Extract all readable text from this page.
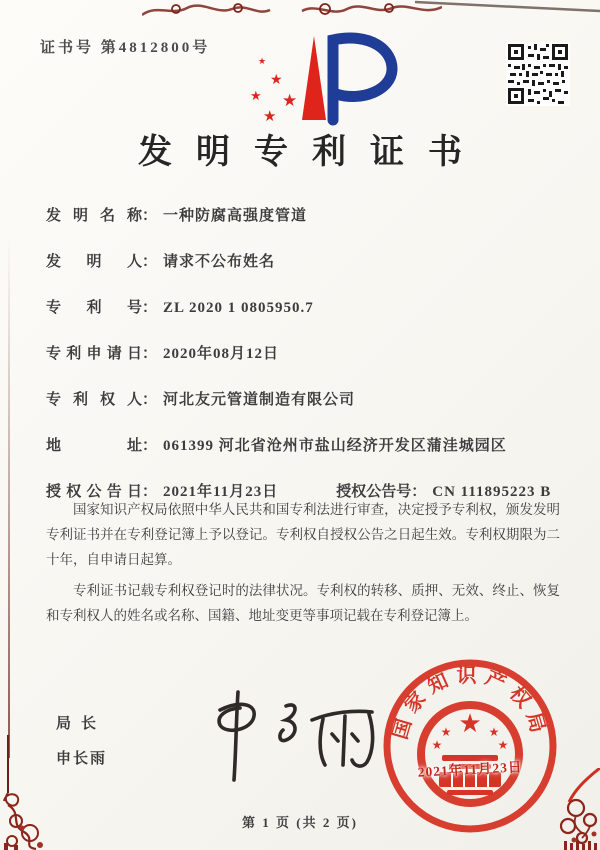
证书号 第4812800号
★
★
★ ★
★
发明专利证书
发明名称： 一种防腐高强度管道
发明人： 请求不公布姓名
专利号： ZL 2020 1 0805950.7
专利申请日： 2020年08月12日
专利权人： 河北友元管道制造有限公司
地址： 061399 河北省沧州市盐山经济开发区蒲洼城园区
授权公告日： 2021年11月23日	授权公告号： CN 111895223 B

国家知识产权局依照中华人民共和国专利法进行审查，决定授予专利权，颁发发明专利证书并在专利登记簿上予以登记。专利权自授权公告之日起生效。专利权期限为二十年，自申请日起算。

专利证书记载专利权登记时的法律状况。专利权的转移、质押、无效、终止、恢复和专利权人的姓名或名称、国籍、地址变更等事项记载在专利登记簿上。

局长
申长雨
国家知识产权局
★
★	★
★	★
2021年11月23日
第 1 页 (共 2 页)
